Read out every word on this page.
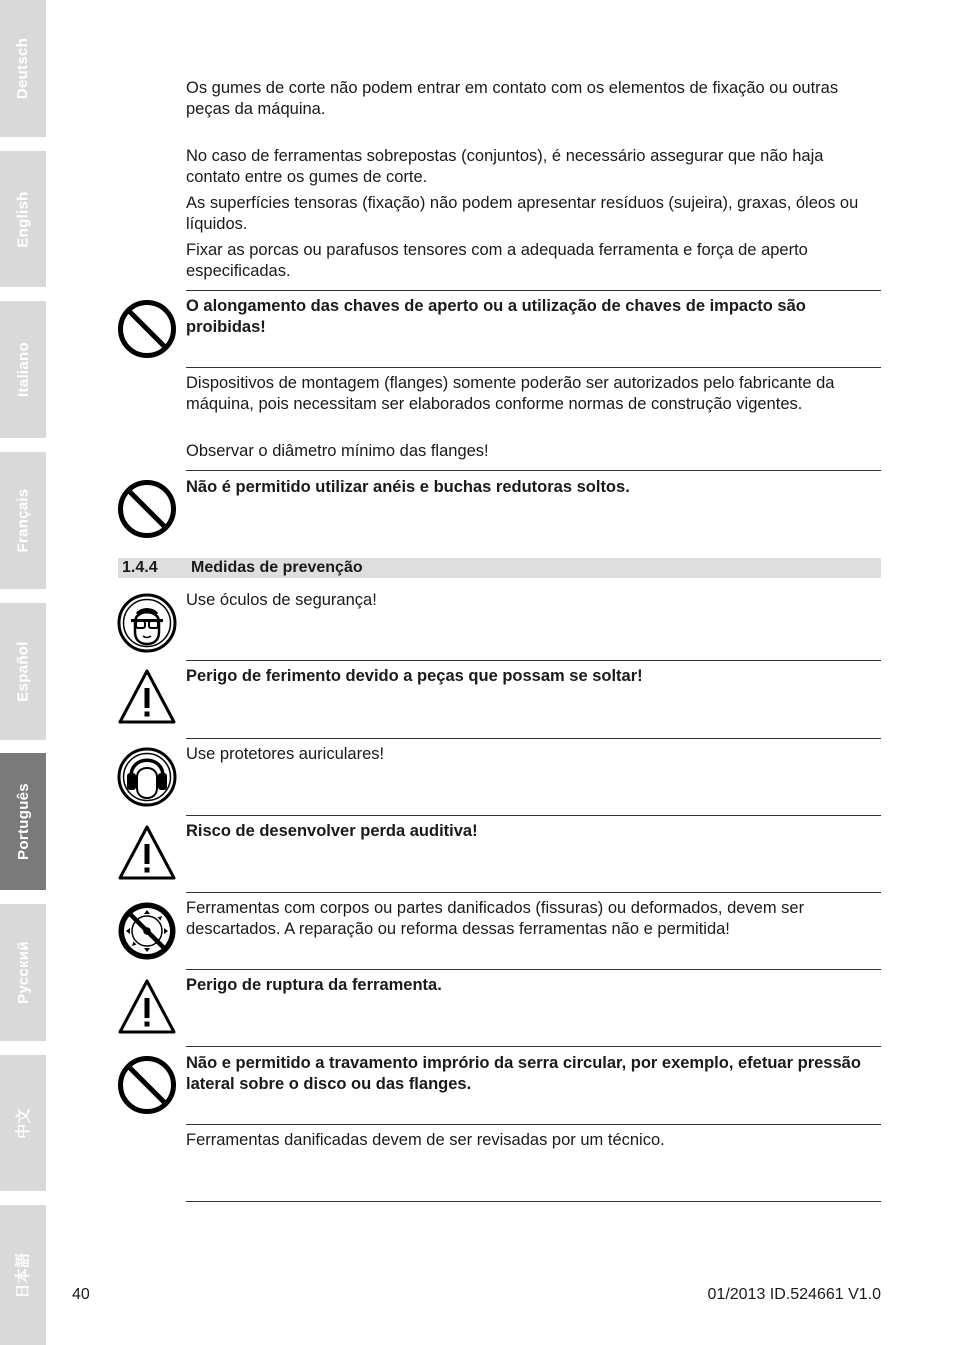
Deutsch
English
Italiano
Français
Español
Português
Русский
中文
日本語

Os gumes de corte não podem entrar em contato com os elementos de fixação ou outras peças da máquina.

No caso de ferramentas sobrepostas (conjuntos), é necessário assegurar que não haja contato entre os gumes de corte.

As superfícies tensoras (fixação) não podem apresentar resíduos (sujeira), graxas, óleos ou líquidos.

Fixar as porcas ou parafusos tensores com a adequada ferramenta e força de aperto especificadas.

O alongamento das chaves de aperto ou a utilização de chaves de impacto são proibidas!

Dispositivos de montagem (flanges) somente poderão ser autorizados pelo fabricante da máquina, pois necessitam ser elaborados conforme normas de construção vigentes.

Observar o diâmetro mínimo das flanges!

Não é permitido utilizar anéis e buchas redutoras soltos.

1.4.4 Medidas de prevenção

Use óculos de segurança!

Perigo de ferimento devido a peças que possam se soltar!

Use protetores auriculares!

Risco de desenvolver perda auditiva!

Ferramentas com corpos ou partes danificados (fissuras) ou deformados, devem ser descartados. A reparação ou reforma dessas ferramentas não e permitida!

Perigo de ruptura da ferramenta.

Não e permitido a travamento imprório da serra circular, por exemplo, efetuar pressão lateral sobre o disco ou das flanges.

Ferramentas danificadas devem de ser revisadas por um técnico.

40	01/2013 ID.524661 V1.0
